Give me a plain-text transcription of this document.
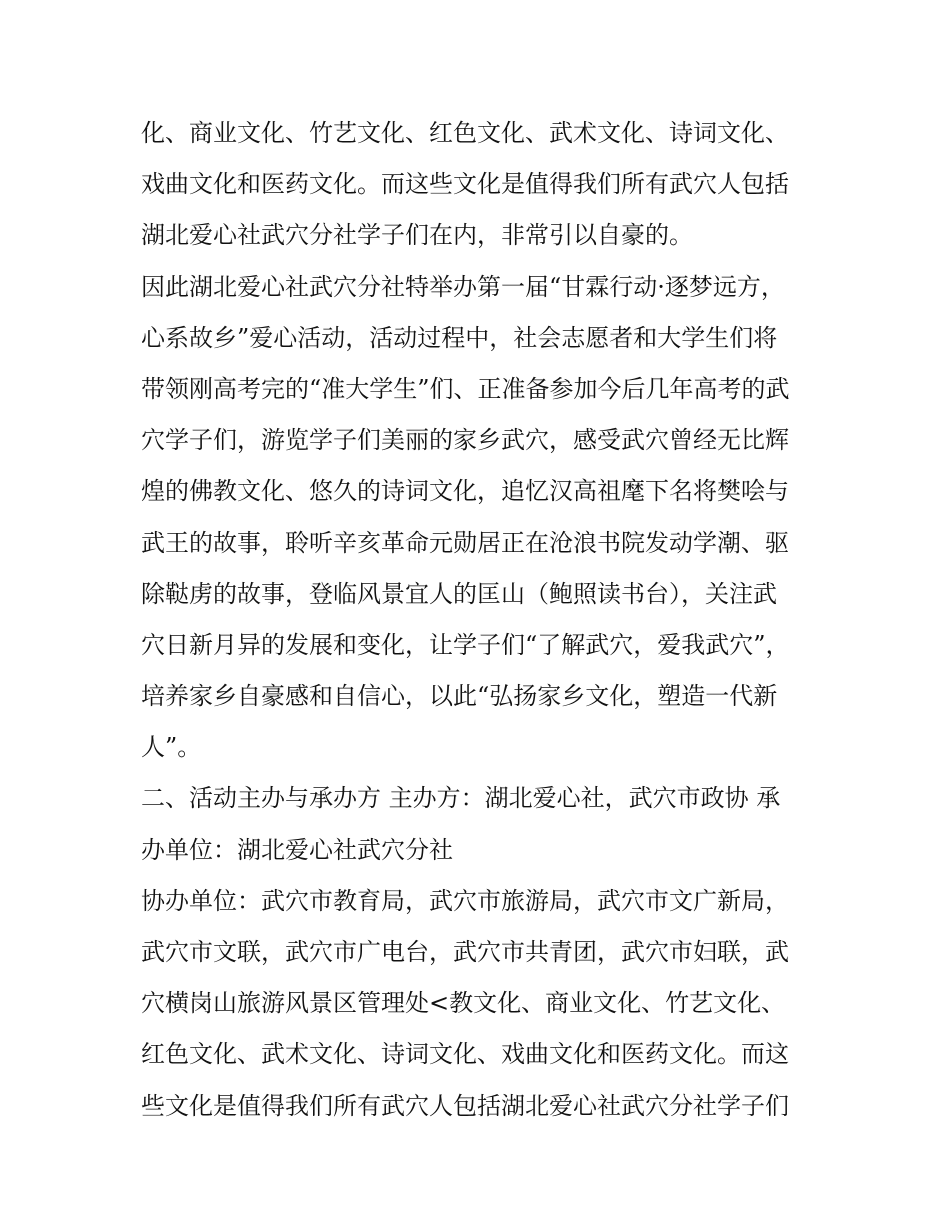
化、商业文化、竹艺文化、红色文化、武术文化、诗词文化、
戏曲文化和医药文化。而这些文化是值得我们所有武穴人包括
湖北爱心社武穴分社学子们在内，非常引以自豪的。
因此湖北爱心社武穴分社特举办第一届“甘霖行动·逐梦远方，
心系故乡”爱心活动，活动过程中，社会志愿者和大学生们将
带领刚高考完的“准大学生”们、正准备参加今后几年高考的武
穴学子们，游览学子们美丽的家乡武穴，感受武穴曾经无比辉
煌的佛教文化、悠久的诗词文化，追忆汉高祖麾下名将樊哙与
武王的故事，聆听辛亥革命元勋居正在沧浪书院发动学潮、驱
除鞑虏的故事，登临风景宜人的匡山（鲍照读书台），关注武
穴日新月异的发展和变化，让学子们“了解武穴，爱我武穴”，
培养家乡自豪感和自信心，以此“弘扬家乡文化，塑造一代新
人”。
二、活动主办与承办方 主办方：湖北爱心社，武穴市政协 承
办单位：湖北爱心社武穴分社
协办单位：武穴市教育局，武穴市旅游局，武穴市文广新局，
武穴市文联，武穴市广电台，武穴市共青团，武穴市妇联，武
穴横岗山旅游风景区管理处<教文化、商业文化、竹艺文化、
红色文化、武术文化、诗词文化、戏曲文化和医药文化。而这
些文化是值得我们所有武穴人包括湖北爱心社武穴分社学子们
